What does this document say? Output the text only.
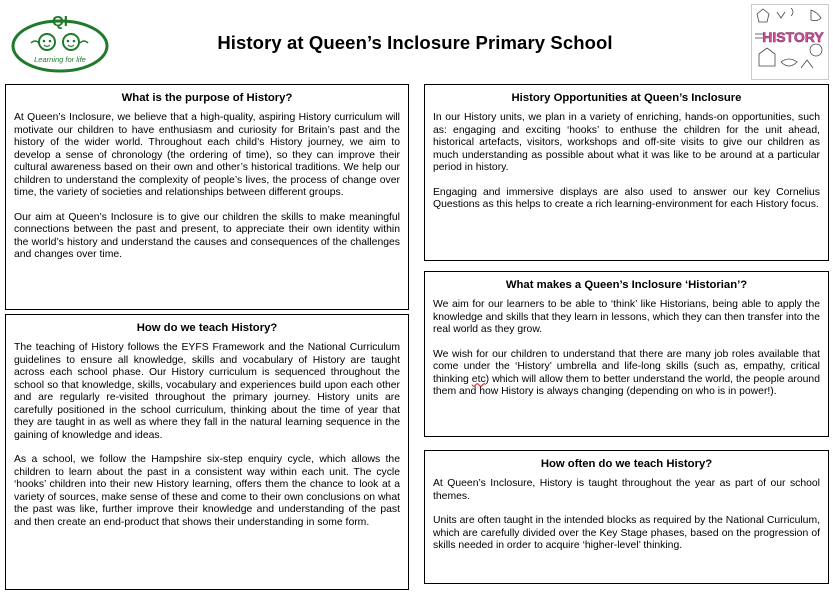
QI
Learning for life
History at Queen’s Inclosure Primary School	HISTORY
What is the purpose of History?

At Queen’s Inclosure, we believe that a high-quality, aspiring History curriculum will motivate our children to have enthusiasm and curiosity for Britain’s past and the history of the wider world. Throughout each child’s History journey, we aim to develop a sense of chronology (the ordering of time), so they can improve their cultural awareness based on their own and other’s historical traditions. We help our children to understand the complexity of people’s lives, the process of change over time, the variety of societies and relationships between different groups.

Our aim at Queen’s Inclosure is to give our children the skills to make meaningful connections between the past and present, to appreciate their own identity within the world’s history and understand the causes and consequences of the challenges and changes over time.

How do we teach History?

The teaching of History follows the EYFS Framework and the National Curriculum guidelines to ensure all knowledge, skills and vocabulary of History are taught across each school phase. Our History curriculum is sequenced throughout the school so that knowledge, skills, vocabulary and experiences build upon each other and are regularly re-visited throughout the primary journey. History units are carefully positioned in the school curriculum, thinking about the time of year that they are taught in as well as where they fall in the natural learning sequence in the gaining of knowledge and ideas.

As a school, we follow the Hampshire six-step enquiry cycle, which allows the children to learn about the past in a consistent way within each unit. The cycle ‘hooks’ children into their new History learning, offers them the chance to look at a variety of sources, make sense of these and come to their own conclusions on what the past was like, further improve their knowledge and understanding of the past and then create an end-product that shows their understanding in some form.

History Opportunities at Queen’s Inclosure

In our History units, we plan in a variety of enriching, hands-on opportunities, such as: engaging and exciting ‘hooks’ to enthuse the children for the unit ahead, historical artefacts, visitors, workshops and off-site visits to give our children as much understanding as possible about what it was like to be around at a particular period in history.

Engaging and immersive displays are also used to answer our key Cornelius Questions as this helps to create a rich learning-environment for each History focus.

What makes a Queen’s Inclosure ‘Historian’?

We aim for our learners to be able to ‘think’ like Historians, being able to apply the knowledge and skills that they learn in lessons, which they can then transfer into the real world as they grow.

We wish for our children to understand that there are many job roles available that come under the ‘History’ umbrella and life-long skills (such as, empathy, critical thinking etc) which will allow them to better understand the world, the people around them and how History is always changing (depending on who is in power!).

How often do we teach History?

At Queen’s Inclosure, History is taught throughout the year as part of our school themes.

Units are often taught in the intended blocks as required by the National Curriculum, which are carefully divided over the Key Stage phases, based on the progression of skills needed in order to acquire ‘higher-level’ thinking.
